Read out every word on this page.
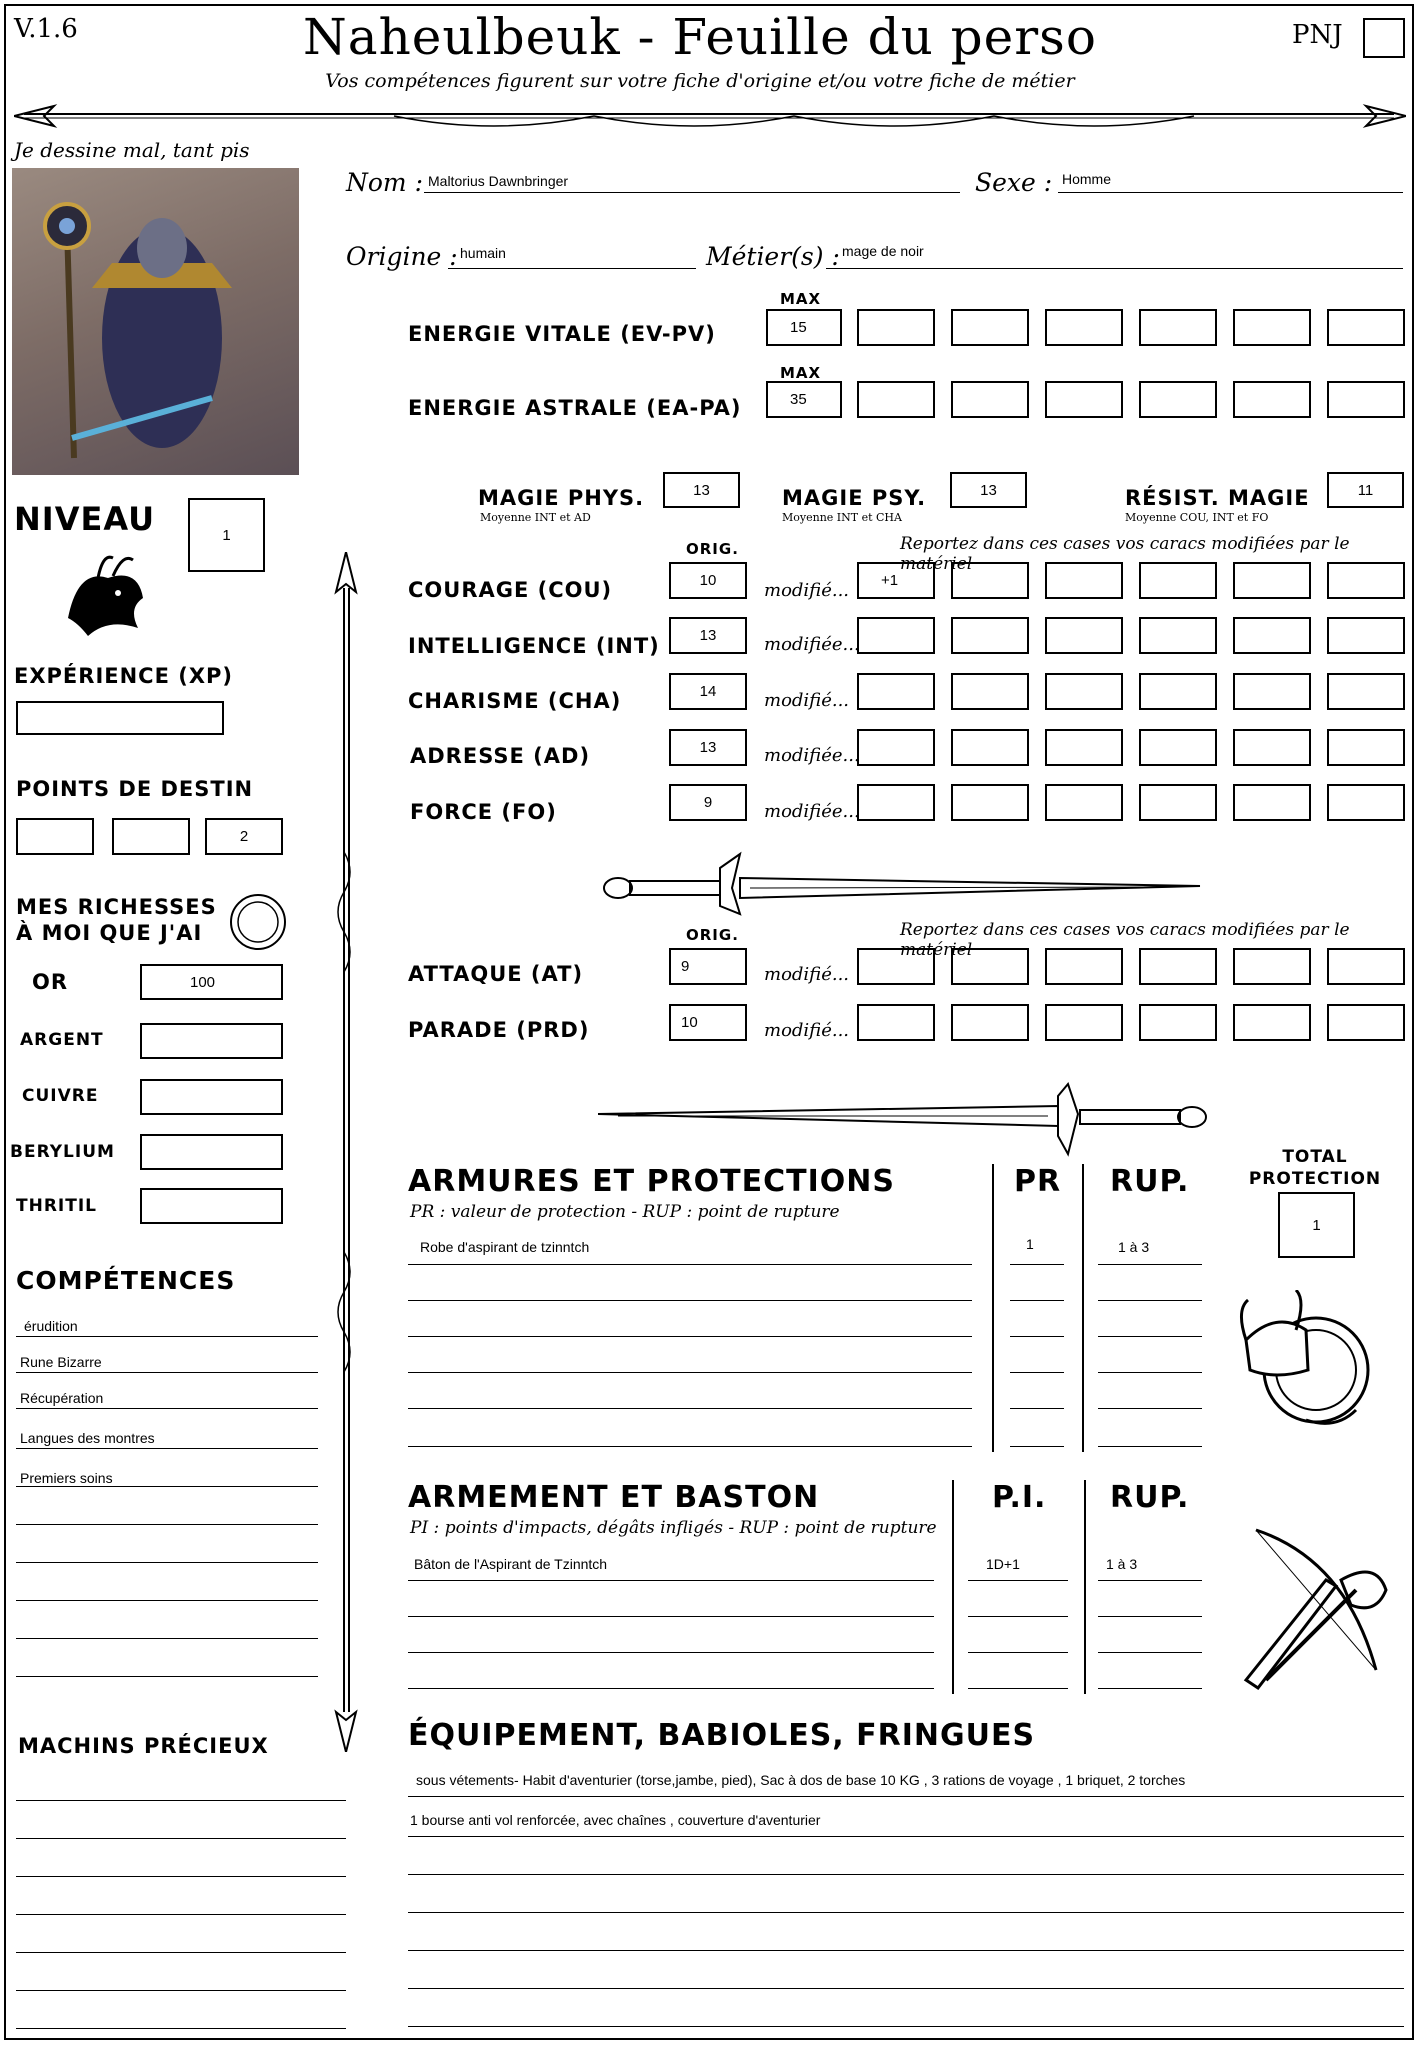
V.1.6	Naheulbeuk - Feuille du perso
Vos compétences figurent sur votre fiche d'origine et/ou votre fiche de métier
PNJ
Je dessine mal, tant pis
Nom : Maltorius Dawnbringer	Sexe : Homme
Origine : humain	Métier(s) : mage de noir
MAX
ENERGIE VITALE (EV-PV)	15
MAX
ENERGIE ASTRALE (EA-PA)	35
MAGIE PHYS.
Moyenne INT et AD
13	MAGIE PSY.
Moyenne INT et CHA
13	RÉSIST. MAGIE
Moyenne COU, INT et FO
11
ORIG.	Reportez dans ces cases vos caracs modifiées par le matériel
COURAGE (COU)	10	modifié...	+1
INTELLIGENCE (INT)	13	modifiée...
CHARISME (CHA)	14	modifié...
ADRESSE (AD)	13	modifiée...
FORCE (FO)	9	modifiée...
ORIG.	Reportez dans ces cases vos caracs modifiées par le matériel
ATTAQUE (AT)	9	modifié...
PARADE (PRD)	10	modifié...
NIVEAU	1
EXPÉRIENCE (XP)
POINTS DE DESTIN
2
MES RICHESSES
À MOI QUE J'AI
OR	100
ARGENT
CUIVRE
BERYLIUM
THRITIL
COMPÉTENCES
érudition
Rune Bizarre
Récupération
Langues des montres
Premiers soins
MACHINS PRÉCIEUX
ARMURES ET PROTECTIONS
PR : valeur de protection - RUP : point de rupture
PR RUP.
Robe d'aspirant de tzinntch	1	1 à 3
TOTAL
PROTECTION
1
ARMEMENT ET BASTON
PI : points d'impacts, dégâts infligés - RUP : point de rupture
P.I. RUP.
Bâton de l'Aspirant de Tzinntch	1D+1	1 à 3
ÉQUIPEMENT, BABIOLES, FRINGUES
sous vétements- Habit d'aventurier (torse,jambe, pied), Sac à dos de base 10 KG , 3 rations de voyage , 1 briquet, 2 torches
1 bourse anti vol renforcée, avec chaînes , couverture d'aventurier
